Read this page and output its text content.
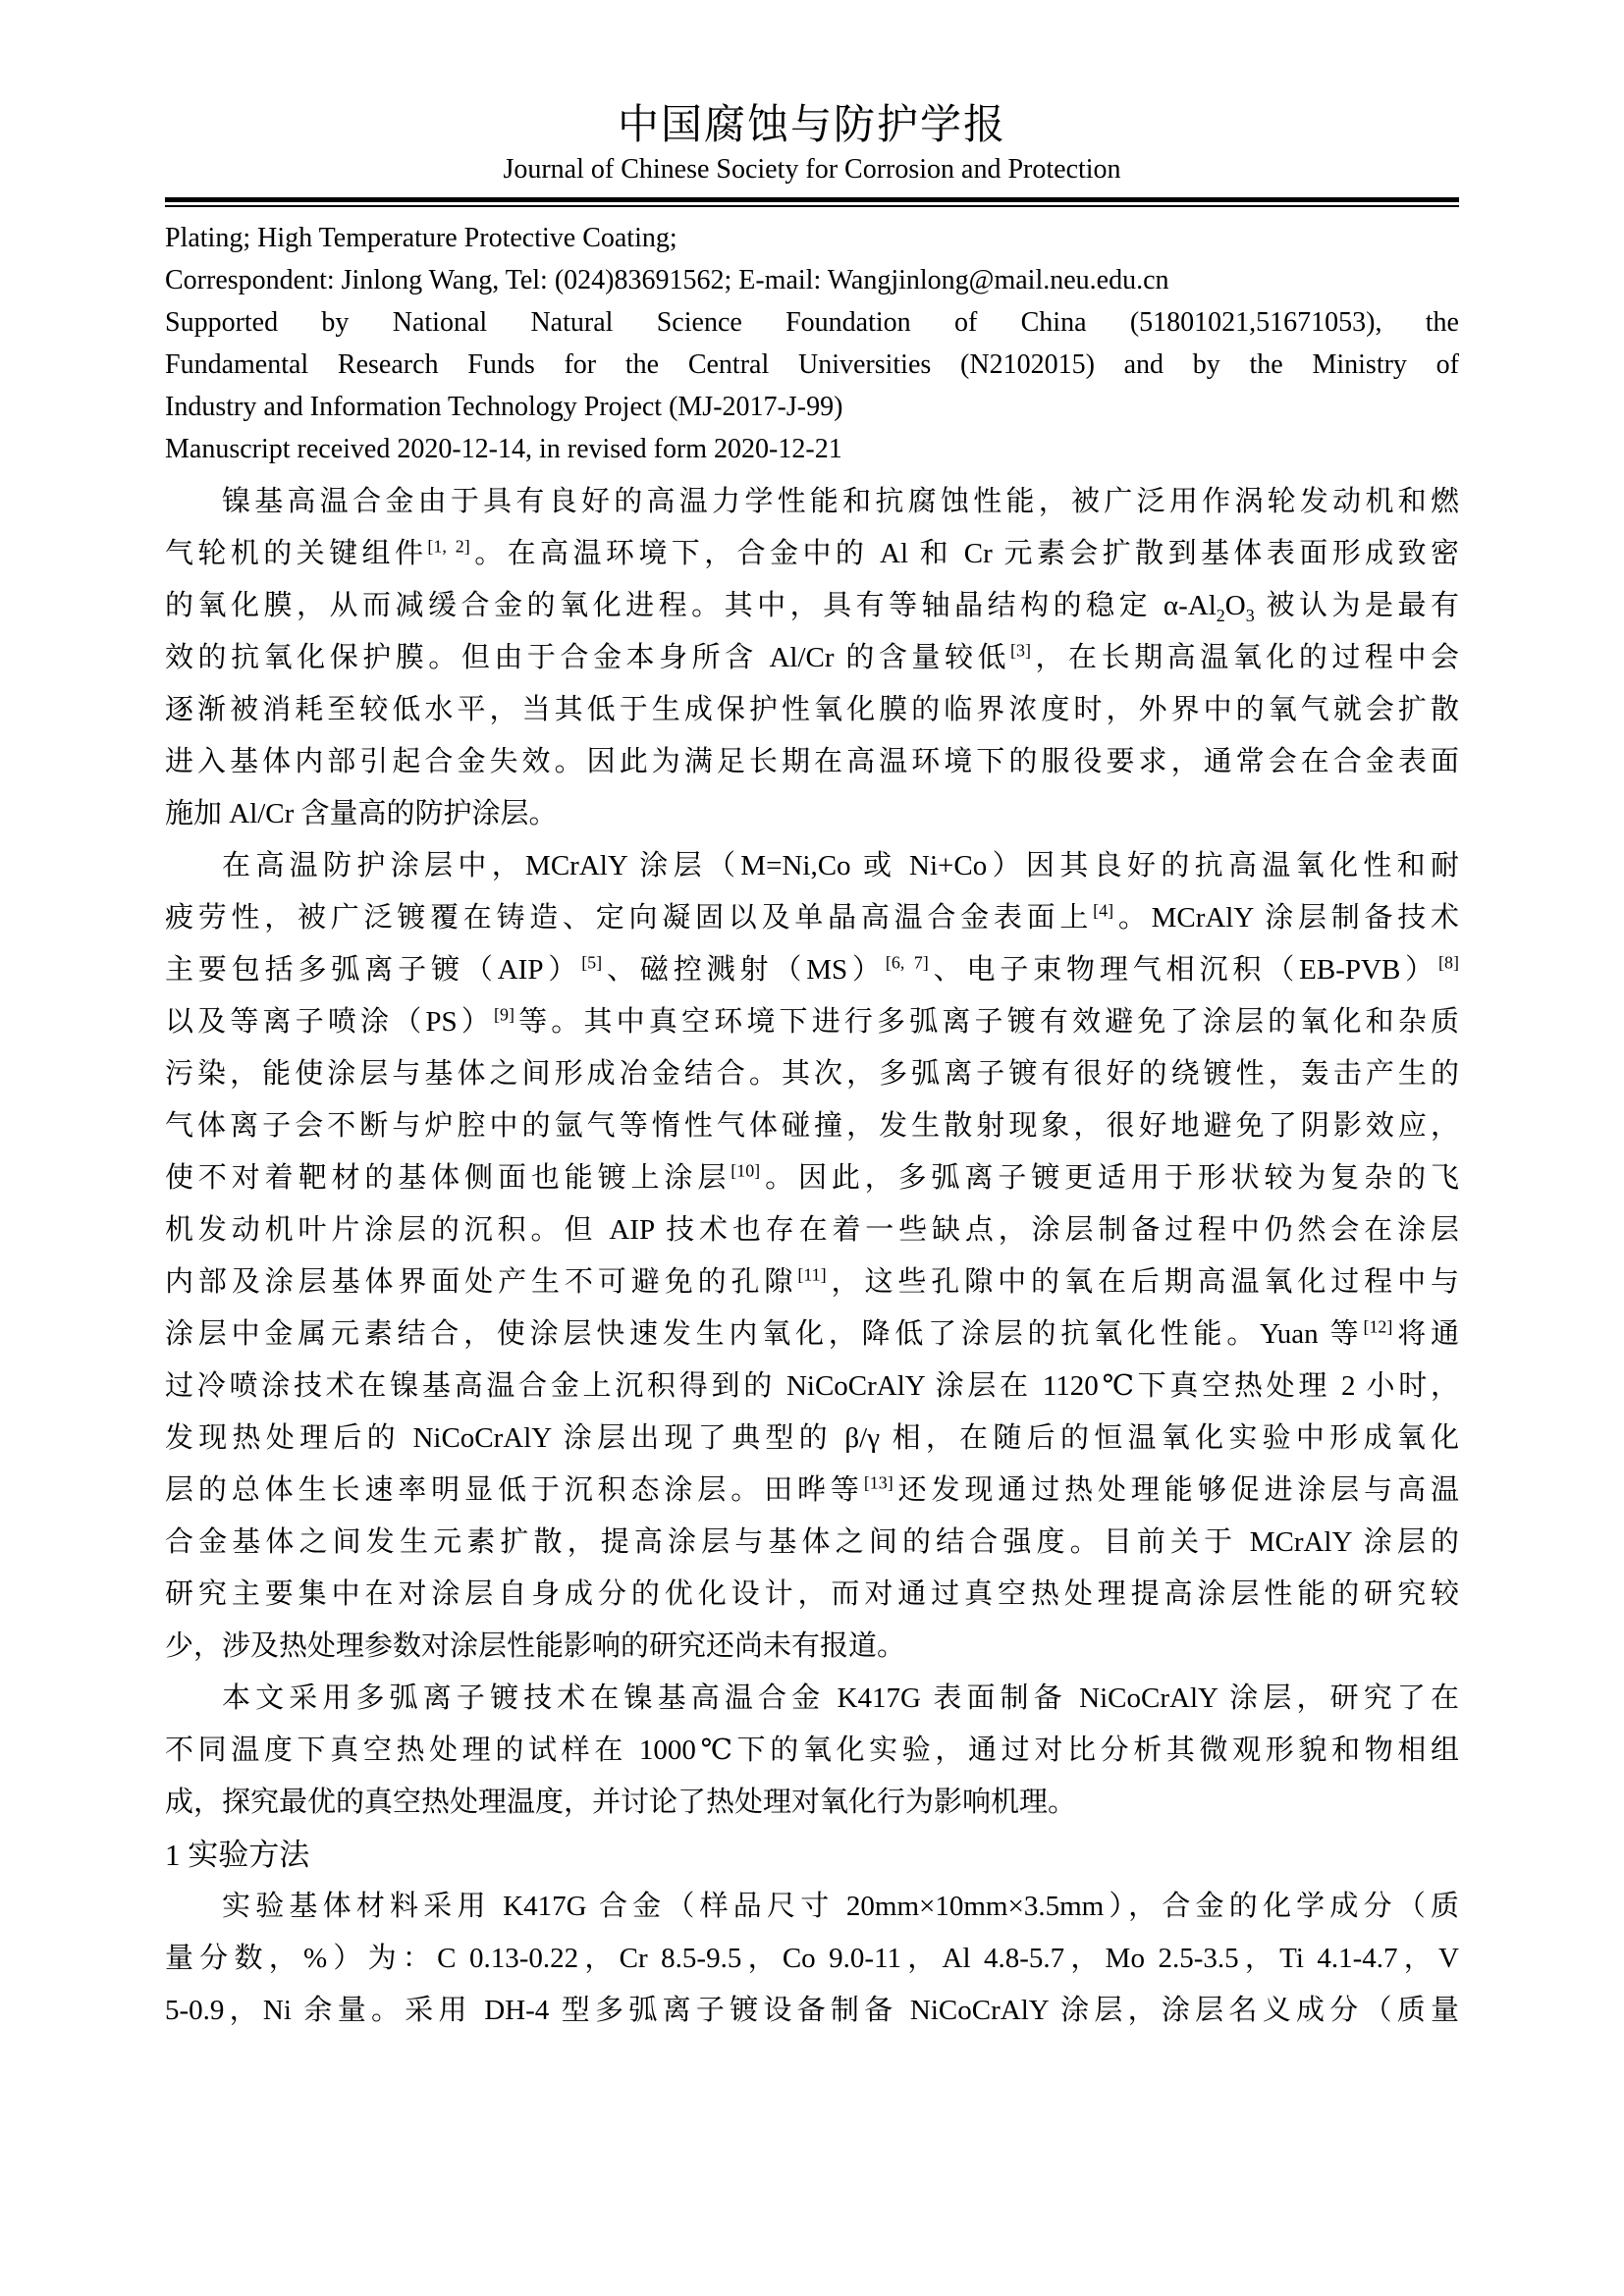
中国腐蚀与防护学报
Journal of Chinese Society for Corrosion and Protection
Plating; High Temperature Protective Coating;
Correspondent: Jinlong Wang, Tel: (024)83691562; E-mail: Wangjinlong@mail.neu.edu.cn
Supported by National Natural Science Foundation of China (51801021,51671053), the
Fundamental Research Funds for the Central Universities (N2102015) and by the Ministry of
Industry and Information Technology Project (MJ-2017-J-99)
Manuscript received 2020-12-14, in revised form 2020-12-21
镍基高温合金由于具有良好的高温力学性能和抗腐蚀性能，被广泛用作涡轮发动机和燃
气轮机的关键组件[1, 2]。在高温环境下，合金中的 Al 和 Cr 元素会扩散到基体表面形成致密
的氧化膜，从而减缓合金的氧化进程。其中，具有等轴晶结构的稳定 $\alpha-Al_2O_3$ 被认为是最有
效的抗氧化保护膜。但由于合金本身所含 Al/Cr 的含量较低[3]，在长期高温氧化的过程中会
逐渐被消耗至较低水平，当其低于生成保护性氧化膜的临界浓度时，外界中的氧气就会扩散
进入基体内部引起合金失效。因此为满足长期在高温环境下的服役要求，通常会在合金表面
施加 Al/Cr 含量高的防护涂层。
在高温防护涂层中，MCrAlY 涂层（M=Ni,Co 或 Ni+Co）因其良好的抗高温氧化性和耐
疲劳性，被广泛镀覆在铸造、定向凝固以及单晶高温合金表面上[4]。MCrAlY 涂层制备技术
主要包括多弧离子镀（AIP）[5]、磁控溅射（MS）[6, 7]、电子束物理气相沉积（EB-PVB）[8]
以及等离子喷涂（PS）[9]等。其中真空环境下进行多弧离子镀有效避免了涂层的氧化和杂质
污染，能使涂层与基体之间形成冶金结合。其次，多弧离子镀有很好的绕镀性，轰击产生的
气体离子会不断与炉腔中的氩气等惰性气体碰撞，发生散射现象，很好地避免了阴影效应，
使不对着靶材的基体侧面也能镀上涂层[10]。因此，多弧离子镀更适用于形状较为复杂的飞
机发动机叶片涂层的沉积。但 AIP 技术也存在着一些缺点，涂层制备过程中仍然会在涂层
内部及涂层基体界面处产生不可避免的孔隙[11]，这些孔隙中的氧在后期高温氧化过程中与
涂层中金属元素结合，使涂层快速发生内氧化，降低了涂层的抗氧化性能。Yuan 等[12]将通
过冷喷涂技术在镍基高温合金上沉积得到的 NiCoCrAlY 涂层在 1120℃下真空热处理 2 小时，
发现热处理后的 NiCoCrAlY 涂层出现了典型的 β/γ 相，在随后的恒温氧化实验中形成氧化
层的总体生长速率明显低于沉积态涂层。田晔等[13]还发现通过热处理能够促进涂层与高温
合金基体之间发生元素扩散，提高涂层与基体之间的结合强度。目前关于 MCrAlY 涂层的
研究主要集中在对涂层自身成分的优化设计，而对通过真空热处理提高涂层性能的研究较
少，涉及热处理参数对涂层性能影响的研究还尚未有报道。
本文采用多弧离子镀技术在镍基高温合金 K417G 表面制备 NiCoCrAlY 涂层，研究了在
不同温度下真空热处理的试样在 1000℃下的氧化实验，通过对比分析其微观形貌和物相组
成，探究最优的真空热处理温度，并讨论了热处理对氧化行为影响机理。
1 实验方法
实验基体材料采用 K417G 合金（样品尺寸 20mm×10mm×3.5mm），合金的化学成分（质
量分数，%）为：C 0.13-0.22，Cr 8.5-9.5，Co 9.0-11，Al 4.8-5.7，Mo 2.5-3.5，Ti 4.1-4.7，V
5-0.9，Ni 余量。采用 DH-4 型多弧离子镀设备制备 NiCoCrAlY 涂层，涂层名义成分（质量
